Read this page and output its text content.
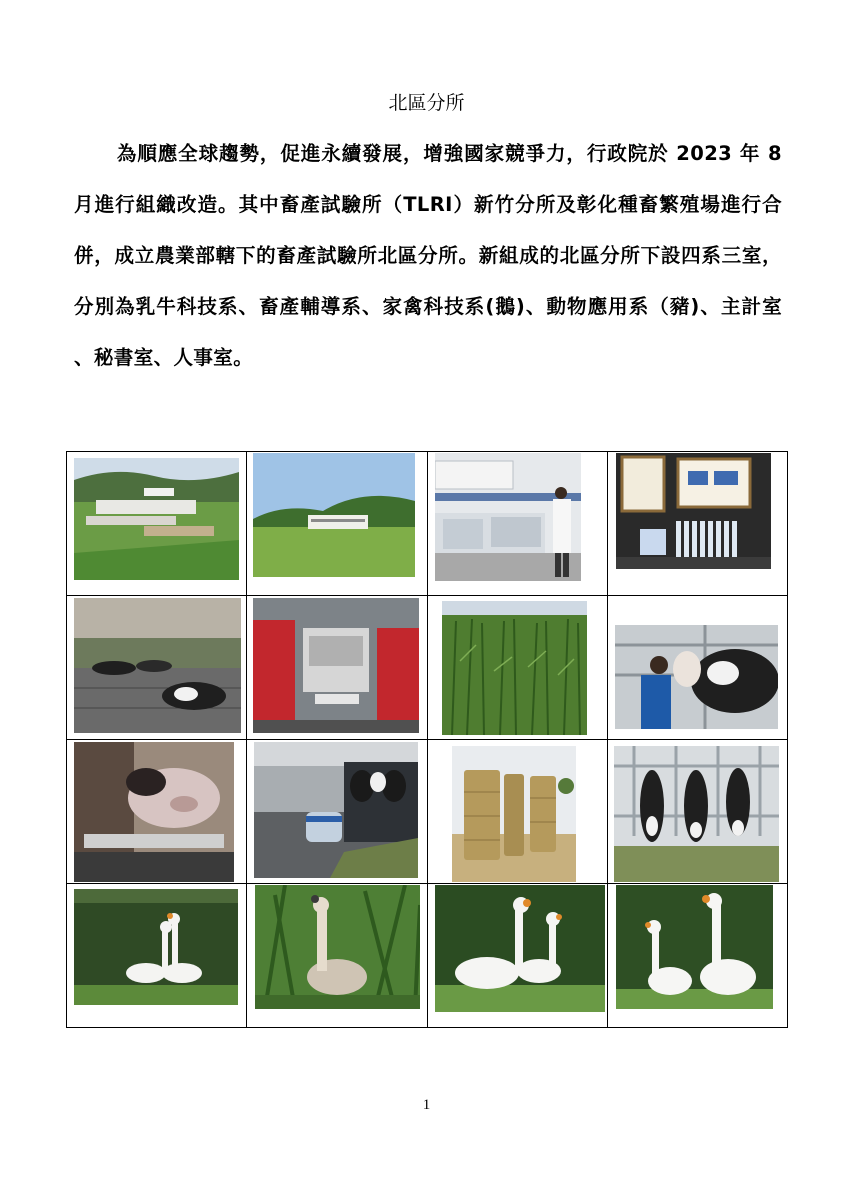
北區分所

為順應全球趨勢，促進永續發展，增強國家競爭力，行政院於 2023 年 8 月進行組織改造。其中畜產試驗所（TLRI）新竹分所及彰化種畜繁殖場進行合併，成立農業部轄下的畜產試驗所北區分所。新組成的北區分所下設四系三室，分別為乳牛科技系、畜產輔導系、家禽科技系(鵝)、動物應用系（豬)、主計室 、秘書室、人事室。

1
